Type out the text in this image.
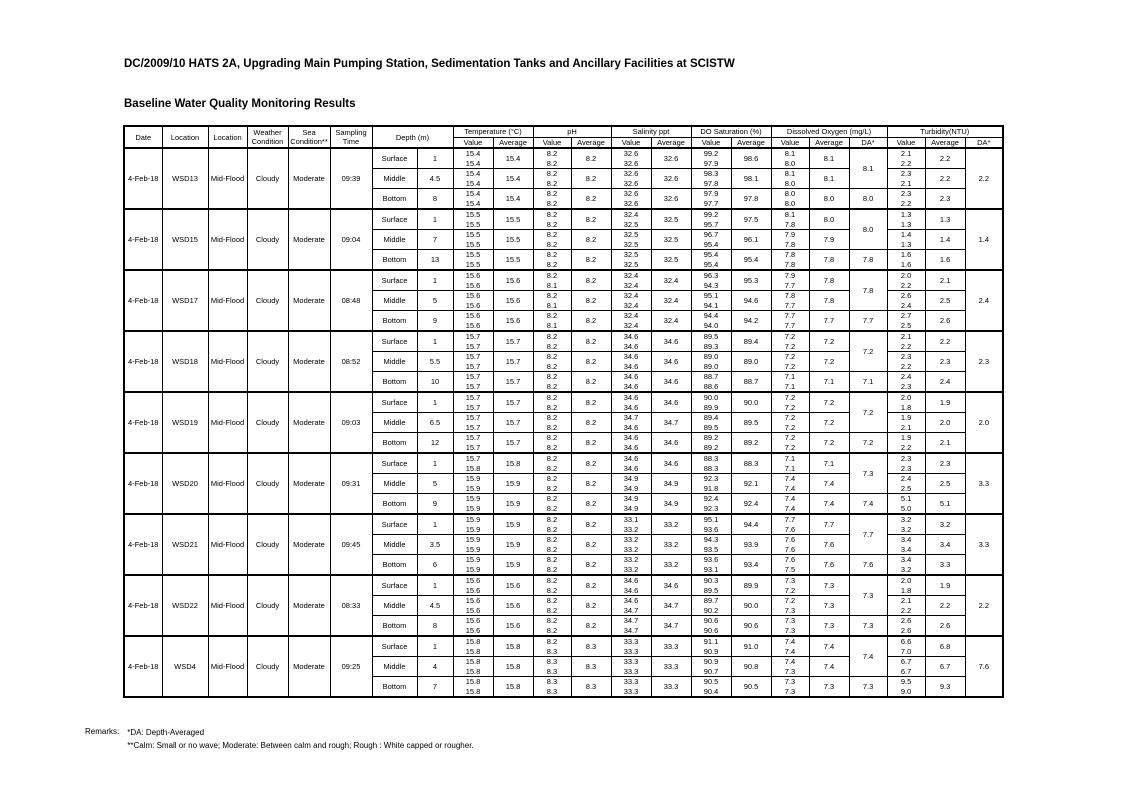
DC/2009/10 HATS 2A, Upgrading Main Pumping Station, Sedimentation Tanks and Ancillary Facilities at SCISTW
Baseline Water Quality Monitoring Results
Date	Location	Location	Weather
Condition	Sea
Condition**	Sampling
Time	Depth (m)		Temperature (°C)		pH		Salinity ppt		DO Saturation (%)		Dissolved Oxygen (mg/L)			Turbidity(NTU)		
								Value	Average	Value	Average	Value	Average	Value	Average	Value	Average	DA*	Value	Average	DA*
4-Feb-18	WSD13	Mid-Flood	Cloudy	Moderate	09:39	Surface	1	
15.4
15.4	15.4	
8.2
8.2	8.2	
32.6
32.6	32.6	
99.2
97.9	98.6	
8.1
8.0	8.1	8.1	
2.1
2.2	2.2	2.2
Middle	4.5	
15.4
15.4	15.4	
8.2
8.2	8.2	
32.6
32.6	32.6	
98.3
97.8	98.1	
8.1
8.0	8.1	
2.3
2.1	2.2
Bottom	8	
15.4
15.4	15.4	
8.2
8.2	8.2	
32.6
32.6	32.6	
97.9
97.7	97.8	
8.0
8.0	8.0	8.0	
2.3
2.2	2.3
4-Feb-18	WSD15	Mid-Flood	Cloudy	Moderate	09:04	Surface	1	
15.5
15.5	15.5	
8.2
8.2	8.2	
32.4
32.5	32.5	
99.2
95.7	97.5	
8.1
7.8	8.0	8.0	
1.3
1.3	1.3	1.4
Middle	7	
15.5
15.5	15.5	
8.2
8.2	8.2	
32.5
32.5	32.5	
96.7
95.4	96.1	
7.9
7.8	7.9	
1.4
1.3	1.4
Bottom	13	
15.5
15.5	15.5	
8.2
8.2	8.2	
32.5
32.5	32.5	
95.4
95.4	95.4	
7.8
7.8	7.8	7.8	
1.6
1.6	1.6
4-Feb-18	WSD17	Mid-Flood	Cloudy	Moderate	08:48	Surface	1	
15.6
15.6	15.6	
8.2
8.1	8.2	
32.4
32.4	32.4	
96.3
94.3	95.3	
7.9
7.7	7.8	7.8	
2.0
2.2	2.1	2.4
Middle	5	
15.6
15.6	15.6	
8.2
8.1	8.2	
32.4
32.4	32.4	
95.1
94.1	94.6	
7.8
7.7	7.8	
2.6
2.4	2.5
Bottom	9	
15.6
15.6	15.6	
8.2
8.1	8.2	
32.4
32.4	32.4	
94.4
94.0	94.2	
7.7
7.7	7.7	7.7	
2.7
2.5	2.6
4-Feb-18	WSD18	Mid-Flood	Cloudy	Moderate	08:52	Surface	1	
15.7
15.7	15.7	
8.2
8.2	8.2	
34.6
34.6	34.6	
89.5
89.3	89.4	
7.2
7.2	7.2	7.2	
2.1
2.2	2.2	2.3
Middle	5.5	
15.7
15.7	15.7	
8.2
8.2	8.2	
34.6
34.6	34.6	
89.0
89.0	89.0	
7.2
7.2	7.2	
2.3
2.2	2.3
Bottom	10	
15.7
15.7	15.7	
8.2
8.2	8.2	
34.6
34.6	34.6	
88.7
88.6	88.7	
7.1
7.1	7.1	7.1	
2.4
2.3	2.4
4-Feb-18	WSD19	Mid-Flood	Cloudy	Moderate	09:03	Surface	1	
15.7
15.7	15.7	
8.2
8.2	8.2	
34.6
34.6	34.6	
90.0
89.9	90.0	
7.2
7.2	7.2	7.2	
2.0
1.8	1.9	2.0
Middle	6.5	
15.7
15.7	15.7	
8.2
8.2	8.2	
34.7
34.6	34.7	
89.4
89.5	89.5	
7.2
7.2	7.2	
1.9
2.1	2.0
Bottom	12	
15.7
15.7	15.7	
8.2
8.2	8.2	
34.6
34.6	34.6	
89.2
89.2	89.2	
7.2
7.2	7.2	7.2	
1.9
2.2	2.1
4-Feb-18	WSD20	Mid-Flood	Cloudy	Moderate	09:31	Surface	1	
15.7
15.8	15.8	
8.2
8.2	8.2	
34.6
34.6	34.6	
88.3
88.3	88.3	
7.1
7.1	7.1	7.3	
2.3
2.3	2.3	3.3
Middle	5	
15.9
15.9	15.9	
8.2
8.2	8.2	
34.9
34.9	34.9	
92.3
91.8	92.1	
7.4
7.4	7.4	
2.4
2.5	2.5
Bottom	9	
15.9
15.9	15.9	
8.2
8.2	8.2	
34.9
34.9	34.9	
92.4
92.3	92.4	
7.4
7.4	7.4	7.4	
5.1
5.0	5.1
4-Feb-18	WSD21	Mid-Flood	Cloudy	Moderate	09:45	Surface	1	
15.9
15.9	15.9	
8.2
8.2	8.2	
33.1
33.2	33.2	
95.1
93.6	94.4	
7.7
7.6	7.7	7.7	
3.2
3.2	3.2	3.3
Middle	3.5	
15.9
15.9	15.9	
8.2
8.2	8.2	
33.2
33.2	33.2	
94.3
93.5	93.9	
7.6
7.6	7.6	
3.4
3.4	3.4
Bottom	6	
15.9
15.9	15.9	
8.2
8.2	8.2	
33.2
33.2	33.2	
93.6
93.1	93.4	
7.6
7.5	7.6	7.6	
3.4
3.2	3.3
4-Feb-18	WSD22	Mid-Flood	Cloudy	Moderate	08:33	Surface	1	
15.6
15.6	15.6	
8.2
8.2	8.2	
34.6
34.6	34.6	
90.3
89.5	89.9	
7.3
7.2	7.3	7.3	
2.0
1.8	1.9	2.2
Middle	4.5	
15.6
15.6	15.6	
8.2
8.2	8.2	
34.6
34.7	34.7	
89.7
90.2	90.0	
7.2
7.3	7.3	
2.1
2.2	2.2
Bottom	8	
15.6
15.6	15.6	
8.2
8.2	8.2	
34.7
34.7	34.7	
90.6
90.6	90.6	
7.3
7.3	7.3	7.3	
2.6
2.6	2.6
4-Feb-18	WSD4	Mid-Flood	Cloudy	Moderate	09:25	Surface	1	
15.8
15.8	15.8	
8.2
8.3	8.3	
33.3
33.3	33.3	
91.1
90.9	91.0	
7.4
7.4	7.4	7.4	
6.6
7.0	6.8	7.6
Middle	4	
15.8
15.8	15.8	
8.3
8.3	8.3	
33.3
33.3	33.3	
90.9
90.7	90.8	
7.4
7.3	7.4	
6.7
6.7	6.7
Bottom	7	
15.8
15.8	15.8	
8.3
8.3	8.3	
33.3
33.3	33.3	
90.5
90.4	90.5	
7.3
7.3	7.3	7.3	
9.5
9.0	9.3
Remarks: *DA: Depth-Averaged
**Calm: Small or no wave; Moderate: Between calm and rough; Rough : White capped or rougher.
